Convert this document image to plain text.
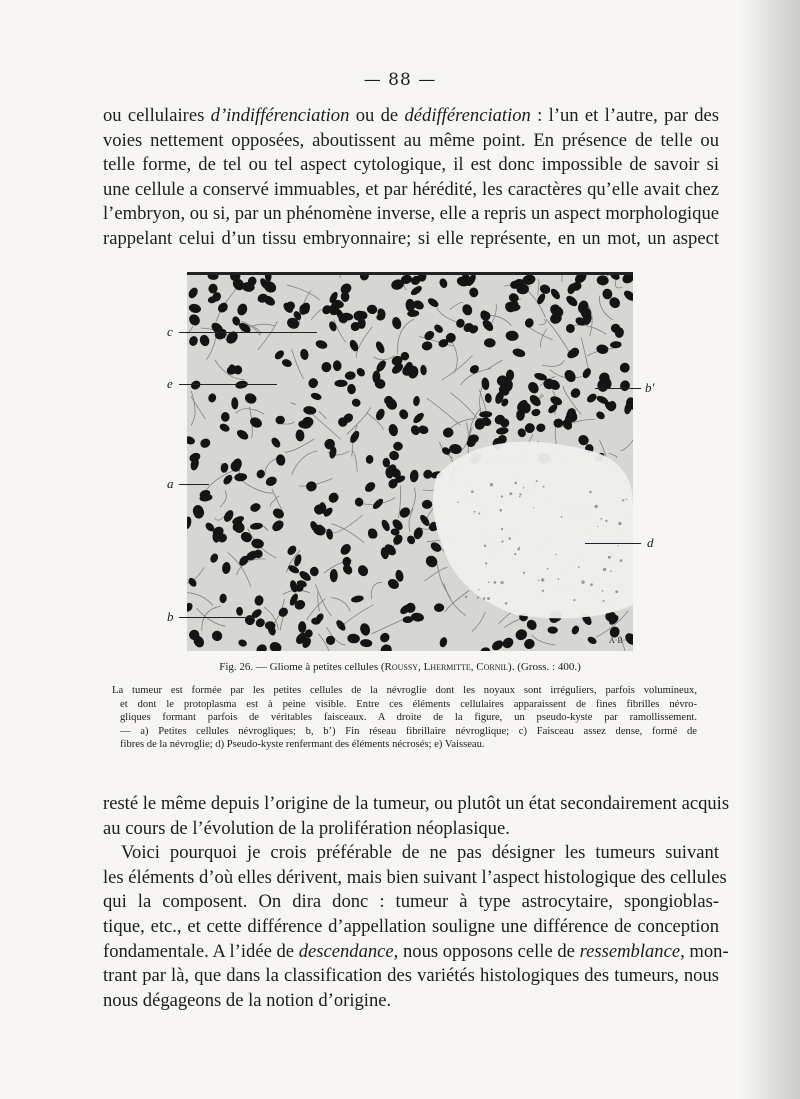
— 88 —
ou cellulaires d’indifférenciation ou de dédifférenciation : l’un et l’autre, par des
voies nettement opposées, aboutissent au même point. En présence de telle ou
telle forme, de tel ou tel aspect cytologique, il est donc impossible de savoir si
une cellule a conservé immuables, et par hérédité, les caractères qu’elle avait chez
l’embryon, ou si, par un phénomène inverse, elle a repris un aspect morphologique
rappelant celui d’un tissu embryonnaire; si elle représente, en un mot, un aspect
c
e
a
b
b'
d
A·B·
Fig. 26. — Gliome à petites cellules (Roussy, Lhermitte, Cornil). (Gross. : 400.)
La tumeur est formée par les petites cellules de la névroglie dont les noyaux sont irréguliers, parfois volumineux,
et dont le protoplasma est à peine visible. Entre ces éléments cellulaires apparaissent de fines fibrilles névro-
gliques formant parfois de véritables faisceaux. A droite de la figure, un pseudo-kyste par ramollissement.
— a) Petites cellules névrogliques; b, b’) Fin réseau fibrillaire névroglique; c) Faisceau assez dense, formé de
fibres de la névroglie; d) Pseudo-kyste renfermant des éléments nécrosés; e) Vaisseau.
resté le même depuis l’origine de la tumeur, ou plutôt un état secondairement acquis
au cours de l’évolution de la prolifération néoplasique.
Voici pourquoi je crois préférable de ne pas désigner les tumeurs suivant
les éléments d’où elles dérivent, mais bien suivant l’aspect histologique des cellules
qui la composent. On dira donc : tumeur à type astrocytaire, spongioblas-
tique, etc., et cette différence d’appellation souligne une différence de conception
fondamentale. A l’idée de descendance, nous opposons celle de ressemblance, mon-
trant par là, que dans la classification des variétés histologiques des tumeurs, nous
nous dégageons de la notion d’origine.
